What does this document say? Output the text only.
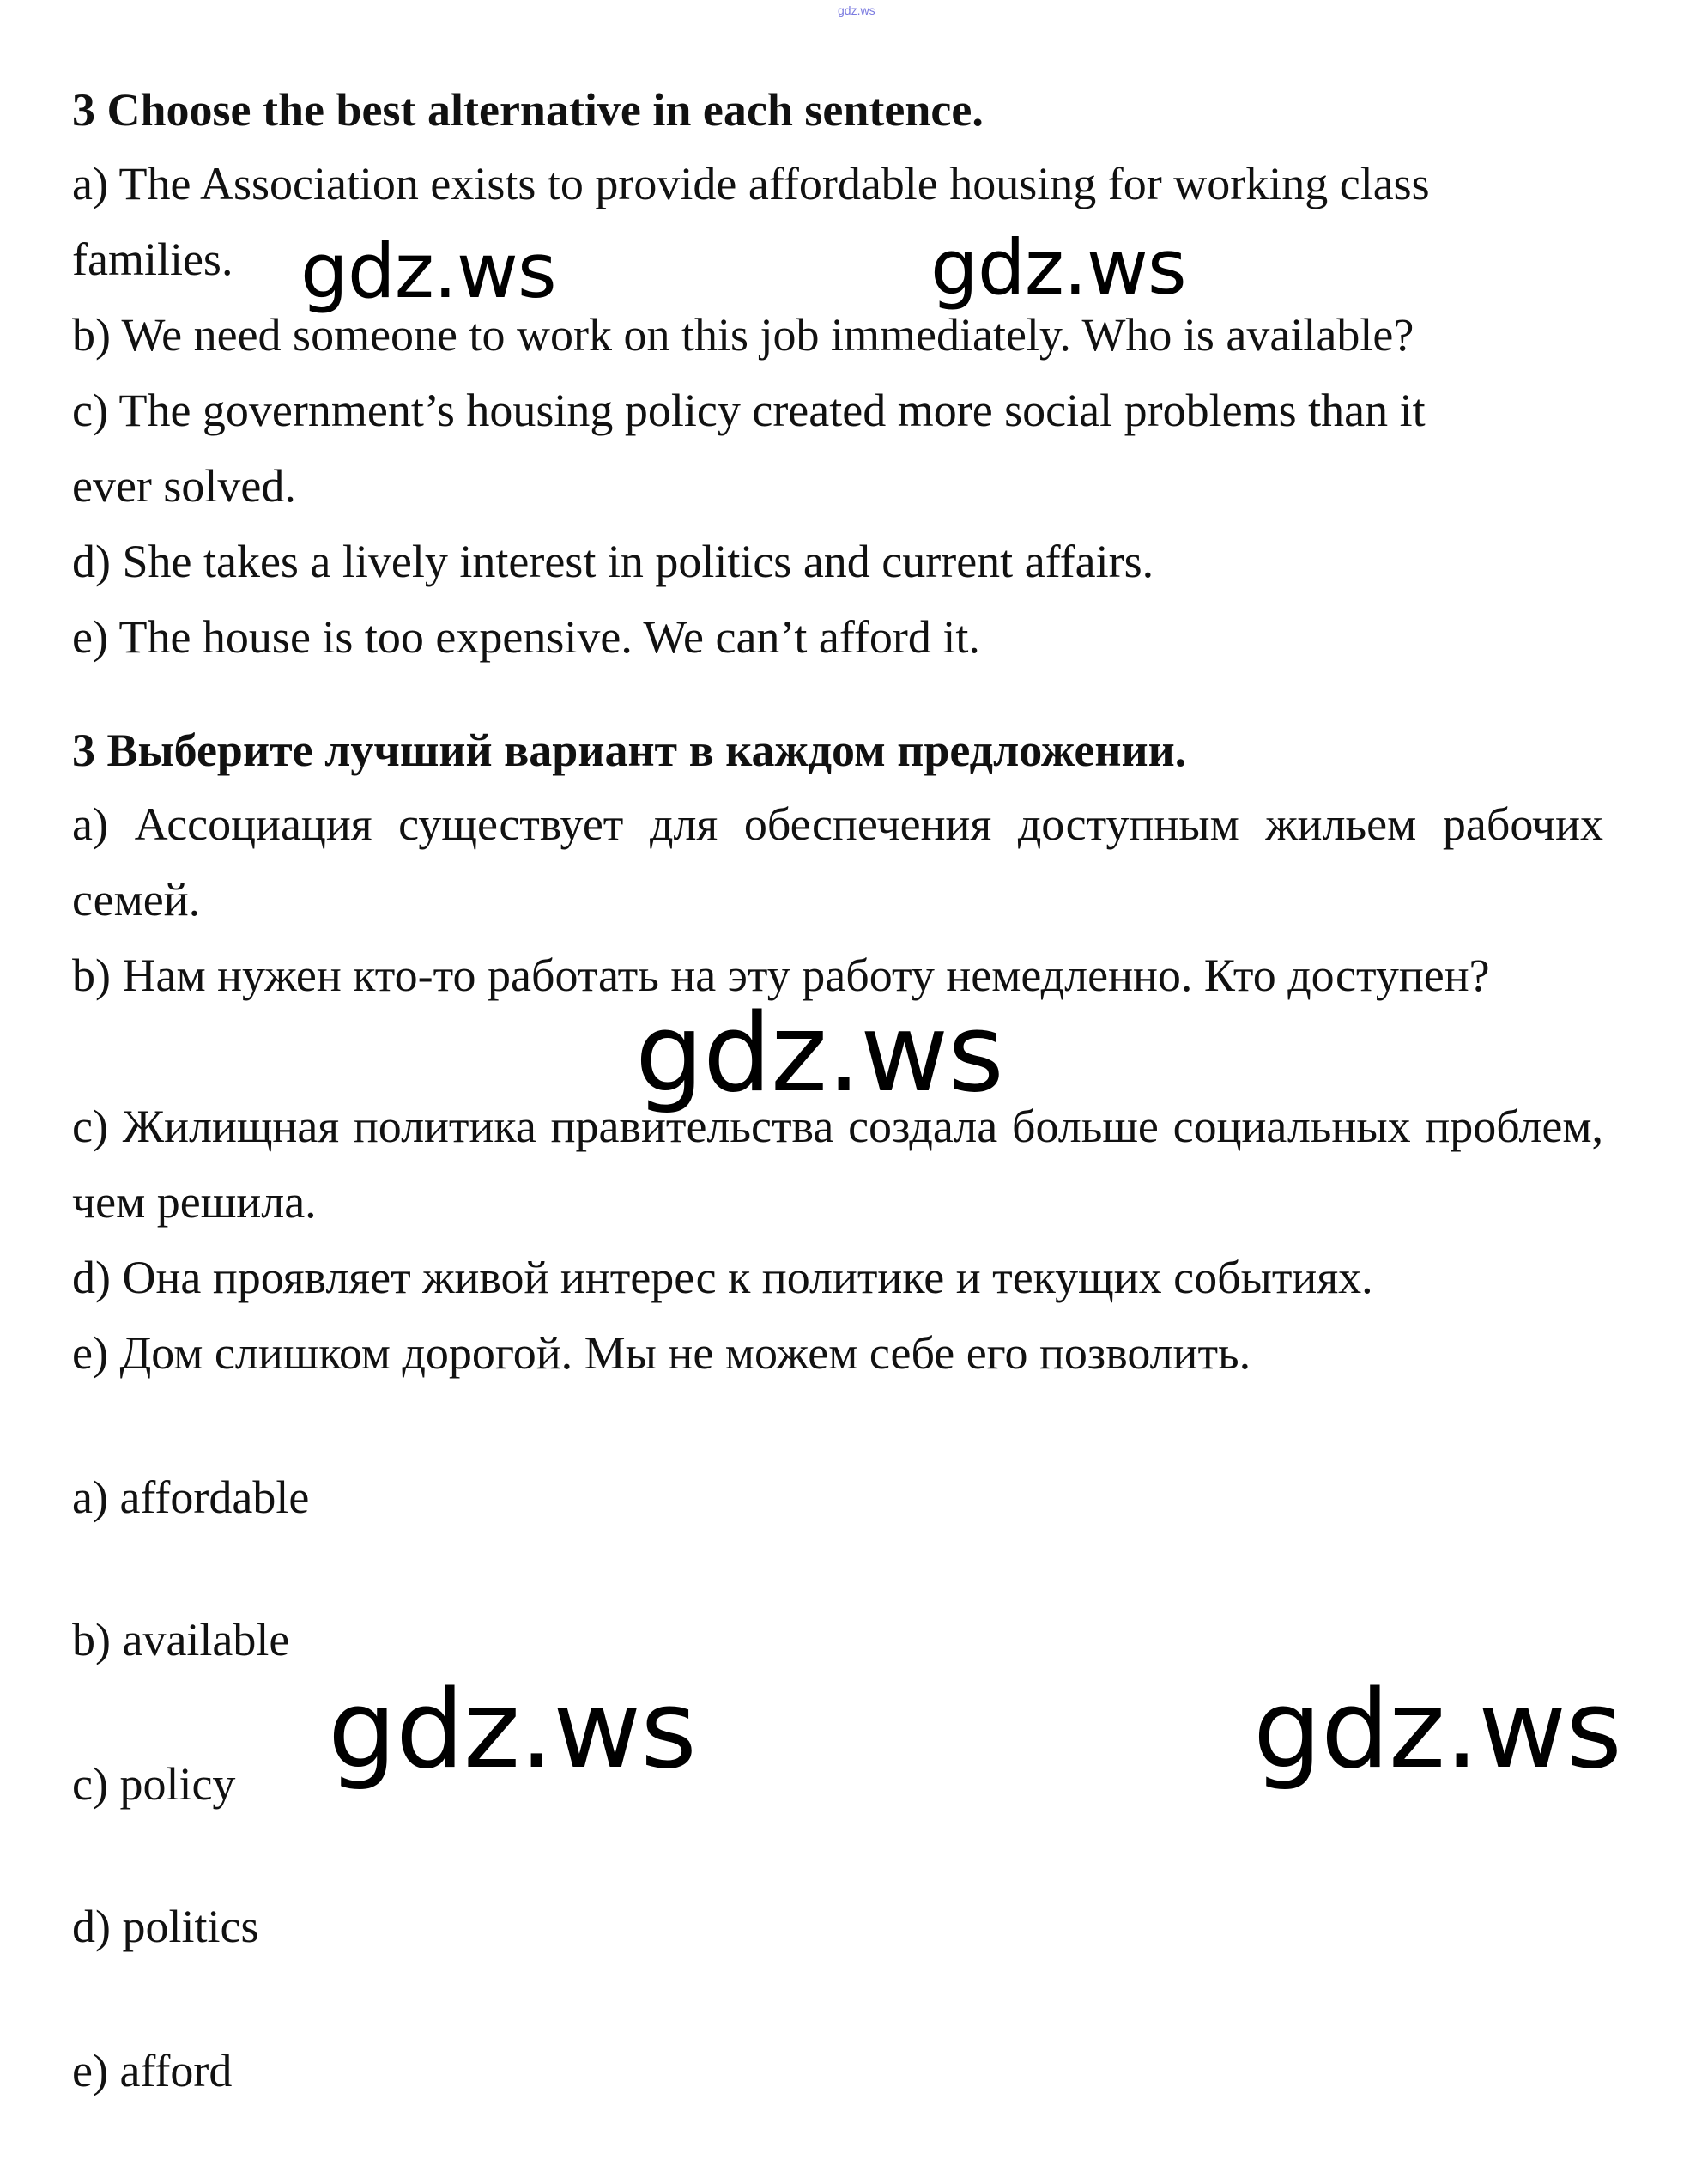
gdz.ws
3 Choose the best alternative in each sentence.
a) The Association exists to provide affordable housing for working class
families.
b) We need someone to work on this job immediately. Who is available?
c) The government’s housing policy created more social problems than it
ever solved.
d) She takes a lively interest in politics and current affairs.
e) The house is too expensive. We can’t afford it.
3 Выберите лучший вариант в каждом предложении.
a) Ассоциация существует для обеспечения доступным жильем рабочих семей.
b) Нам нужен кто-то работать на эту работу немедленно. Кто доступен?
c) Жилищная политика правительства создала больше социальных проблем, чем решила.
d) Она проявляет живой интерес к политике и текущих событиях.
e) Дом слишком дорогой. Мы не можем себе его позволить.
a) affordable
b) available
c) policy
d) politics
e) afford
gdz.ws	gdz.ws
gdz.ws
gdz.ws	gdz.ws
